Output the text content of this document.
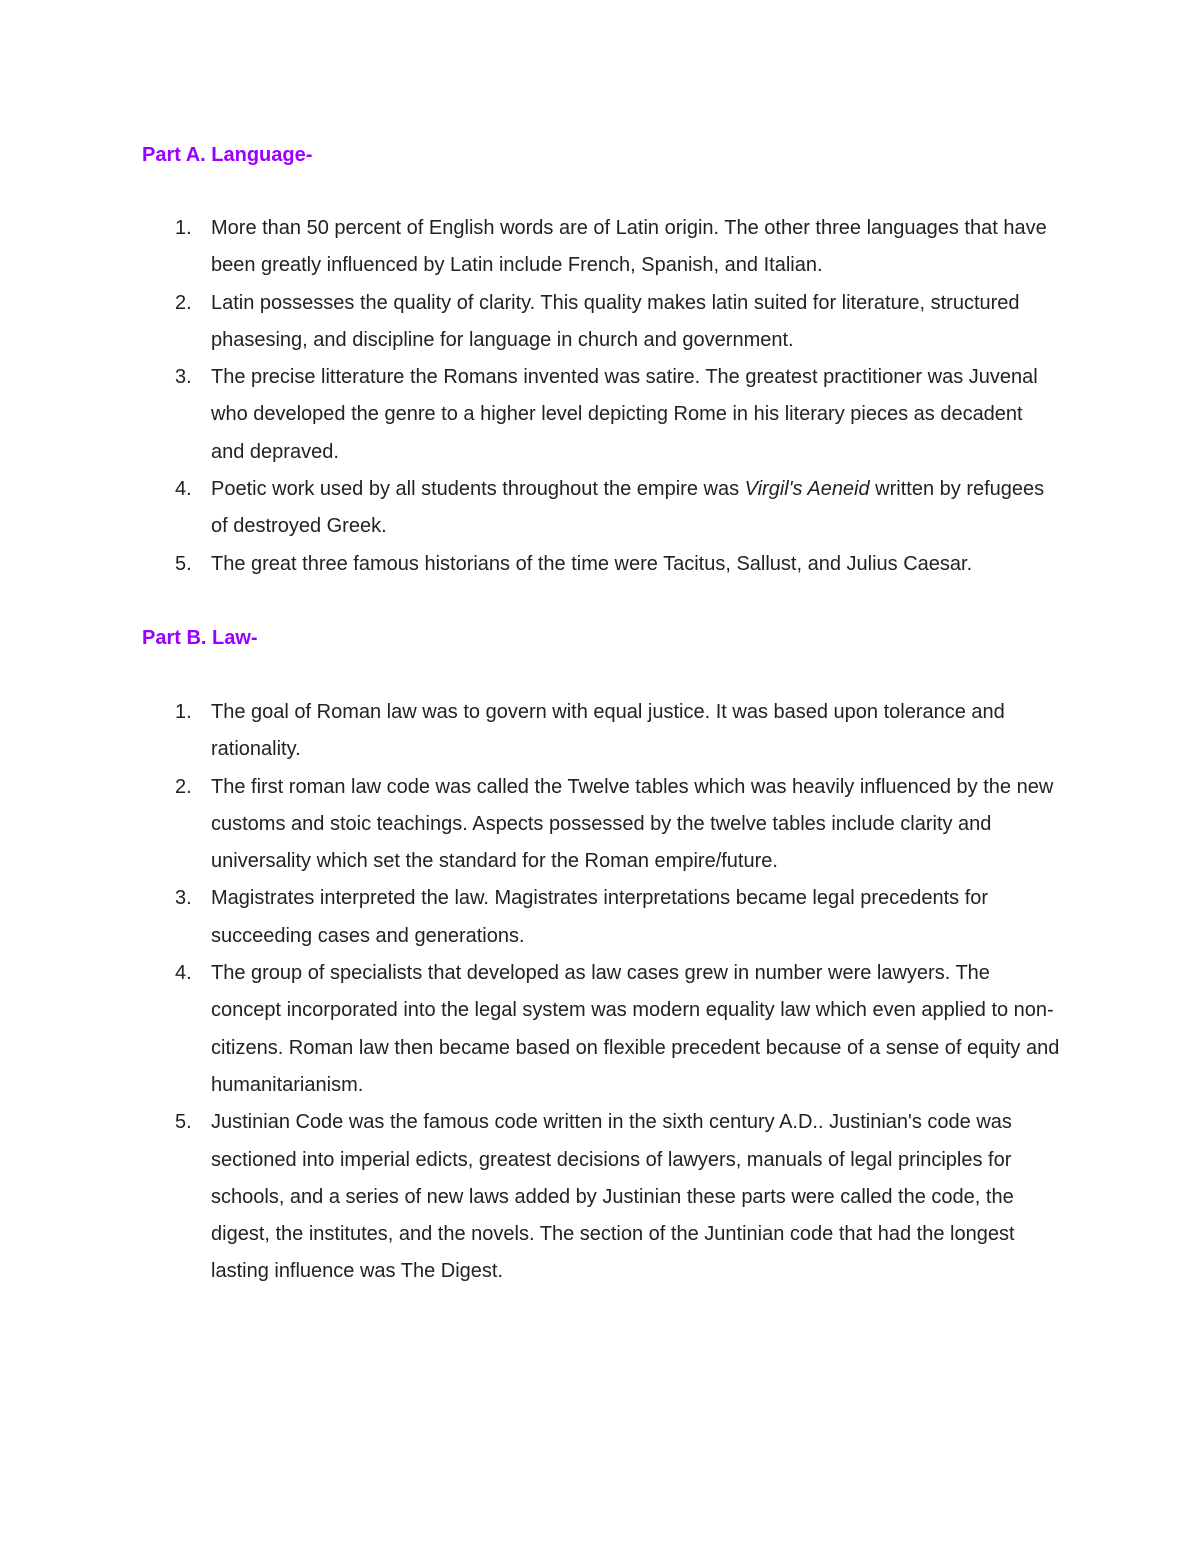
Part A. Language-
1. More than 50 percent of English words are of Latin origin. The other three languages that have been greatly influenced by Latin include French, Spanish, and Italian.
2. Latin possesses the quality of clarity. This quality makes latin suited for literature, structured phasesing, and discipline for language in church and government.
3. The precise litterature the Romans invented was satire. The greatest practitioner was Juvenal who developed the genre to a higher level depicting Rome in his literary pieces as decadent and depraved.
4. Poetic work used by all students throughout the empire was Virgil's Aeneid written by refugees of destroyed Greek.
5. The great three famous historians of the time were Tacitus, Sallust, and Julius Caesar.
Part B. Law-
1. The goal of Roman law was to govern with equal justice. It was based upon tolerance and rationality.
2. The first roman law code was called the Twelve tables which was heavily influenced by the new customs and stoic teachings. Aspects possessed by the twelve tables include clarity and universality which set the standard for the Roman empire/future.
3. Magistrates interpreted the law. Magistrates interpretations became legal precedents for succeeding cases and generations.
4. The group of specialists that developed as law cases grew in number were lawyers. The concept incorporated into the legal system was modern equality law which even applied to non-citizens. Roman law then became based on flexible precedent because of a sense of equity and humanitarianism.
5. Justinian Code was the famous code written in the sixth century A.D.. Justinian's code was sectioned into imperial edicts, greatest decisions of lawyers, manuals of legal principles for schools, and a series of new laws added by Justinian these parts were called the code, the digest, the institutes, and the novels. The section of the Juntinian code that had the longest lasting influence was The Digest.
